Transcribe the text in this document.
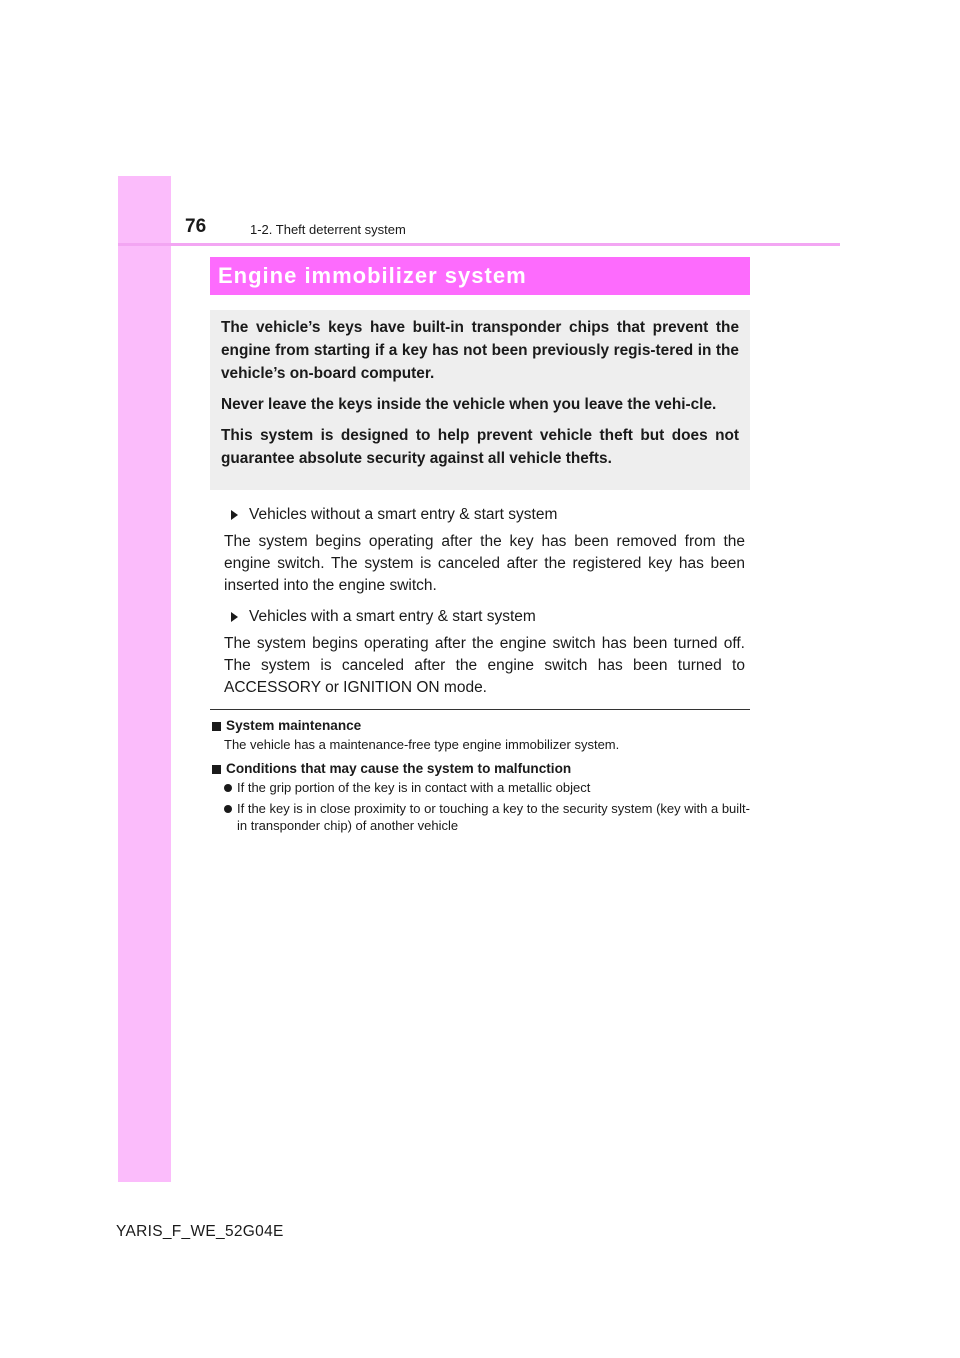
76	1-2. Theft deterrent system
Engine immobilizer system

The vehicle’s keys have built-in transponder chips that prevent the engine from starting if a key has not been previously regis-tered in the vehicle’s on-board computer.

Never leave the keys inside the vehicle when you leave the vehi-cle.

This system is designed to help prevent vehicle theft but does not guarantee absolute security against all vehicle thefts.

Vehicles without a smart entry & start system

The system begins operating after the key has been removed from the engine switch. The system is canceled after the registered key has been inserted into the engine switch.

Vehicles with a smart entry & start system

The system begins operating after the engine switch has been turned off. The system is canceled after the engine switch has been turned to ACCESSORY or IGNITION ON mode.

System maintenance
The vehicle has a maintenance-free type engine immobilizer system.
Conditions that may cause the system to malfunction
If the grip portion of the key is in contact with a metallic object
If the key is in close proximity to or touching a key to the security system (key with a built-in transponder chip) of another vehicle
YARIS_F_WE_52G04E
